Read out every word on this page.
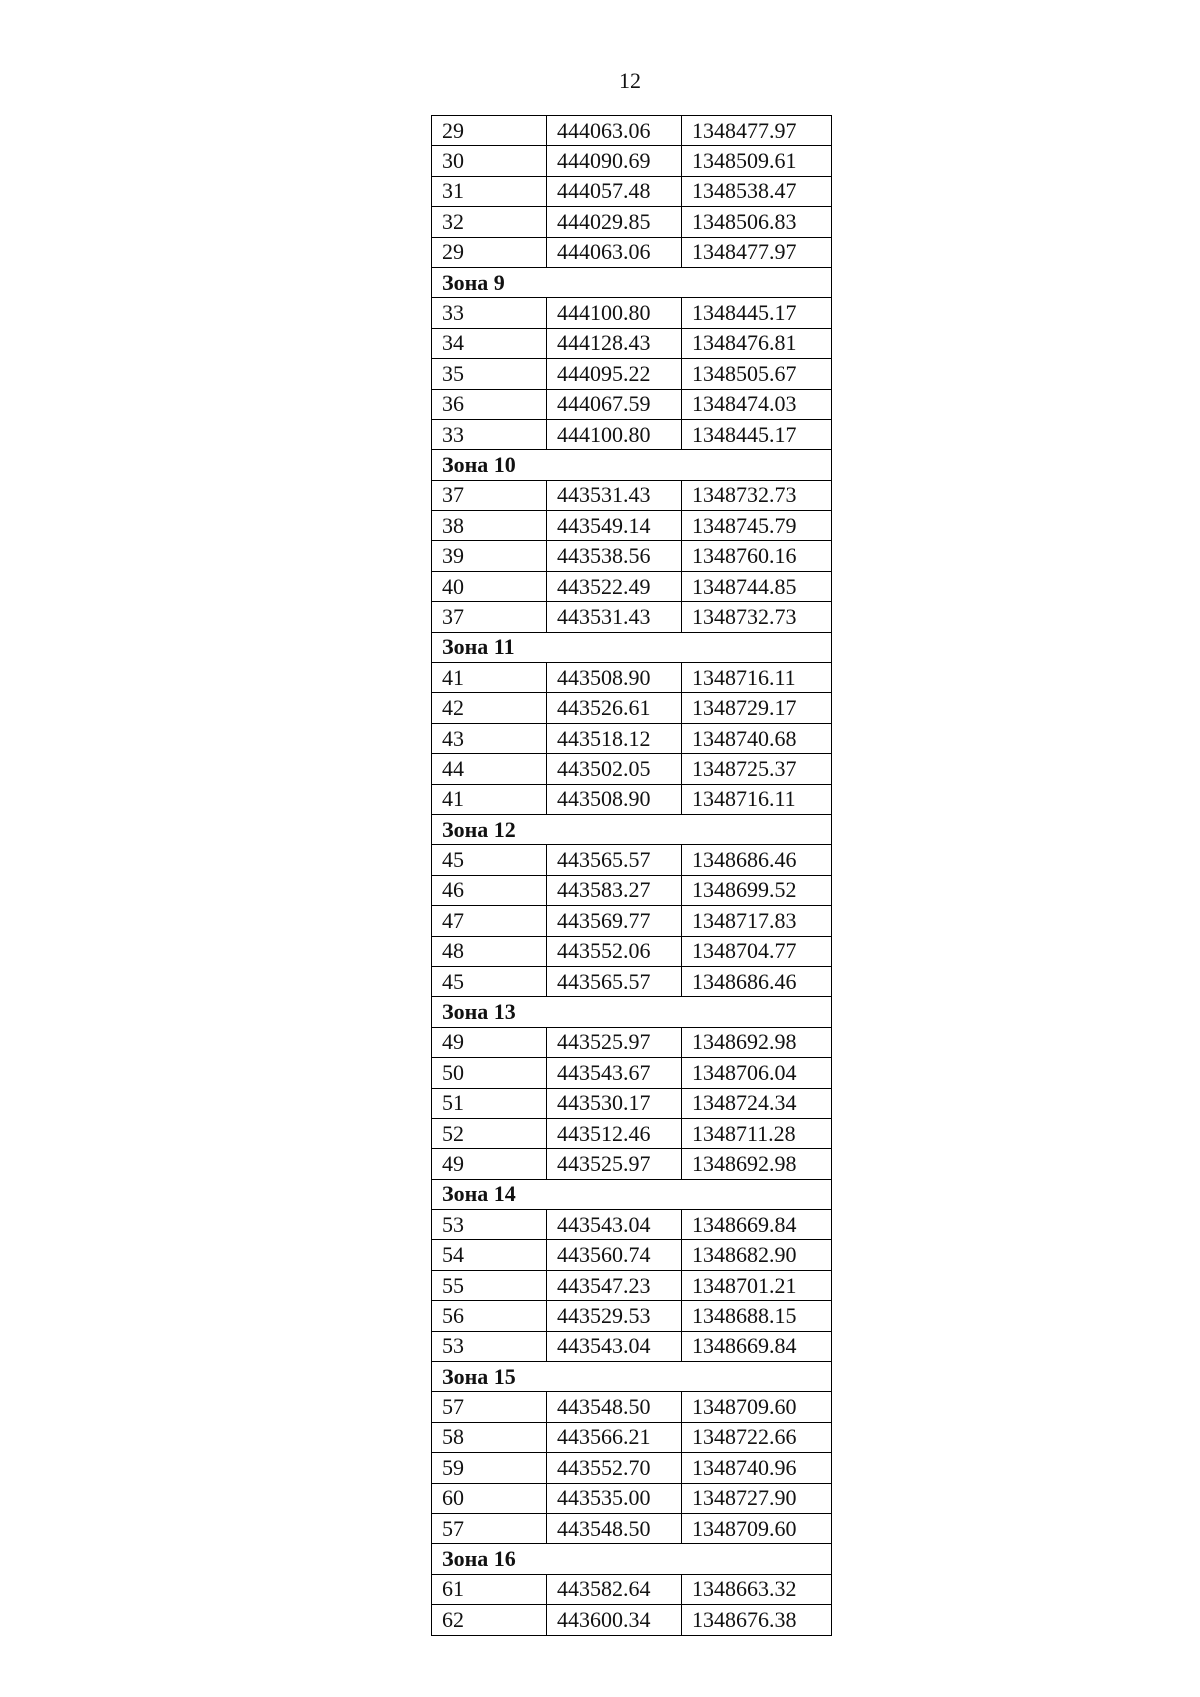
12
29	444063.06	1348477.97
30	444090.69	1348509.61
31	444057.48	1348538.47
32	444029.85	1348506.83
29	444063.06	1348477.97
Зона 9		
33	444100.80	1348445.17
34	444128.43	1348476.81
35	444095.22	1348505.67
36	444067.59	1348474.03
33	444100.80	1348445.17
Зона 10		
37	443531.43	1348732.73
38	443549.14	1348745.79
39	443538.56	1348760.16
40	443522.49	1348744.85
37	443531.43	1348732.73
Зона 11		
41	443508.90	1348716.11
42	443526.61	1348729.17
43	443518.12	1348740.68
44	443502.05	1348725.37
41	443508.90	1348716.11
Зона 12		
45	443565.57	1348686.46
46	443583.27	1348699.52
47	443569.77	1348717.83
48	443552.06	1348704.77
45	443565.57	1348686.46
Зона 13		
49	443525.97	1348692.98
50	443543.67	1348706.04
51	443530.17	1348724.34
52	443512.46	1348711.28
49	443525.97	1348692.98
Зона 14		
53	443543.04	1348669.84
54	443560.74	1348682.90
55	443547.23	1348701.21
56	443529.53	1348688.15
53	443543.04	1348669.84
Зона 15		
57	443548.50	1348709.60
58	443566.21	1348722.66
59	443552.70	1348740.96
60	443535.00	1348727.90
57	443548.50	1348709.60
Зона 16		
61	443582.64	1348663.32
62	443600.34	1348676.38
